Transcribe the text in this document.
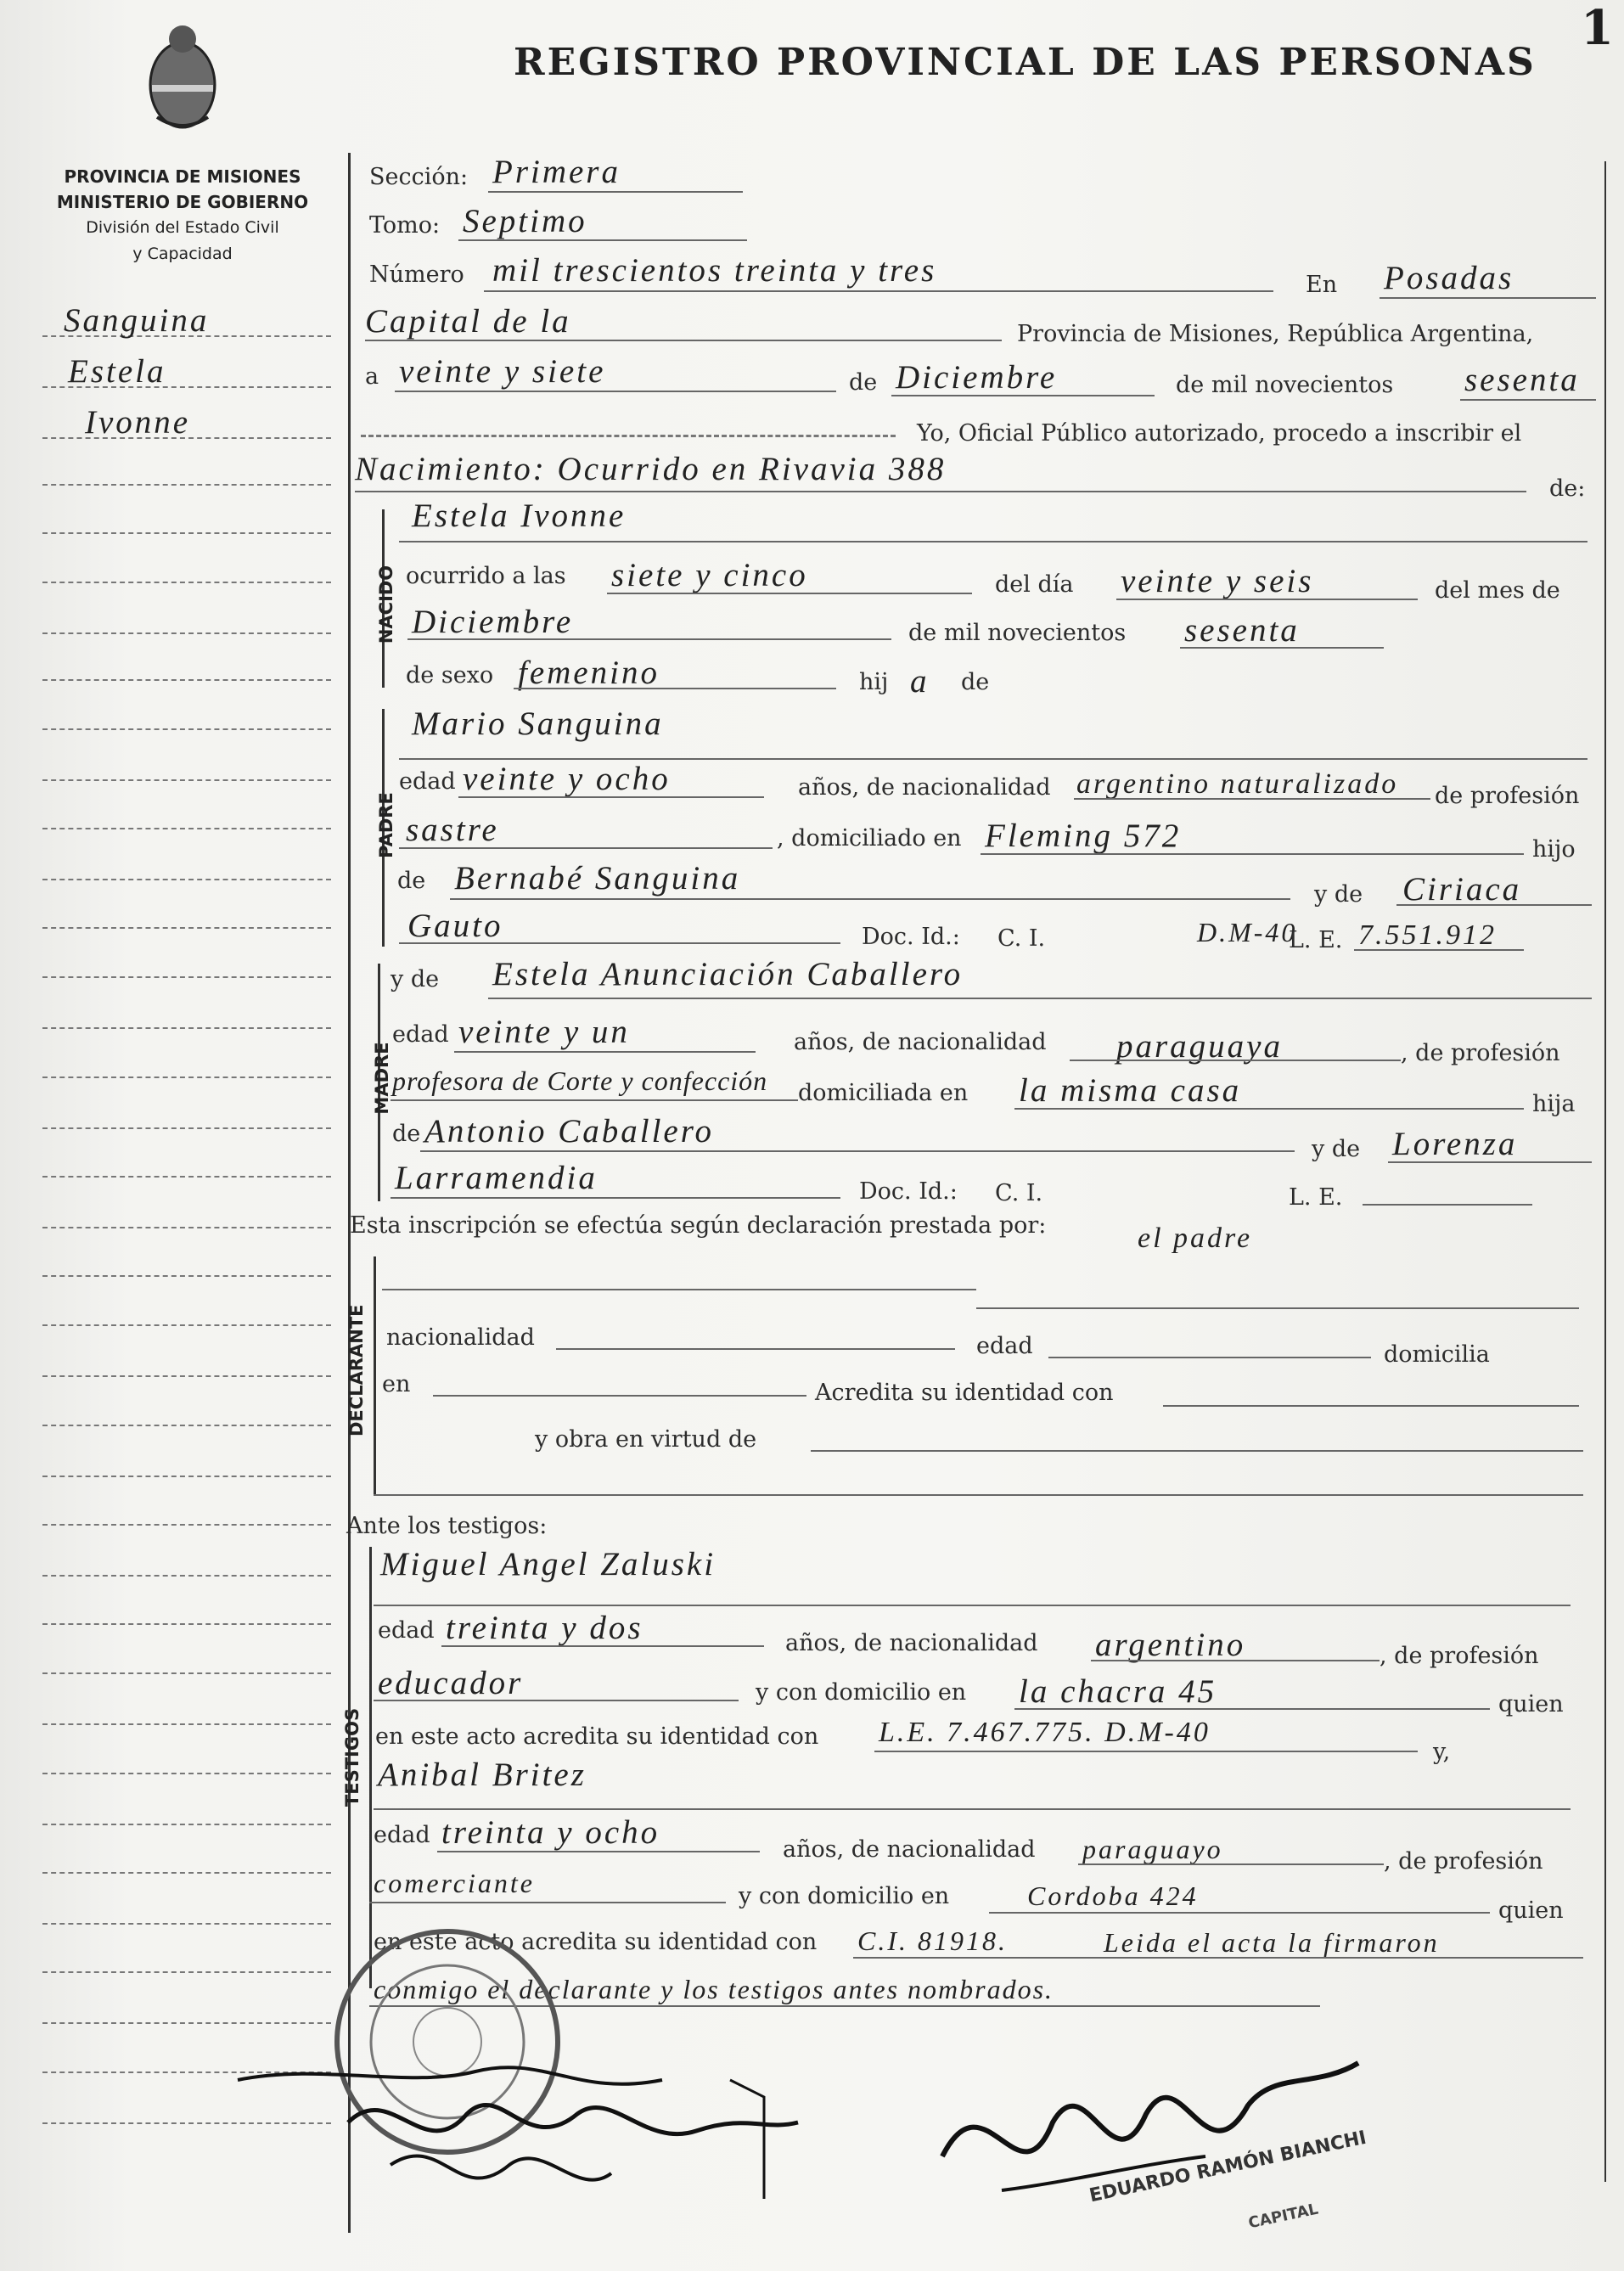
1
REGISTRO PROVINCIAL DE LAS PERSONAS
PROVINCIA DE MISIONES
MINISTERIO DE GOBIERNO
División del Estado Civil
y Capacidad
Sanguina
Estela
Ivonne
Sección: Primera
Tomo: Septimo
Número mil trescientos treinta y tres	En Posadas
Capital de la	Provincia de Misiones, República Argentina,
a veinte y siete	de Diciembre	de mil novecientos sesenta
Yo, Oficial Público autorizado, procedo a inscribir el
Nacimiento: Ocurrido en Rivavia 388
de:
NACIDO
Estela Ivonne
ocurrido a las siete y cinco	del día veinte y seis	del mes de
Diciembre	de mil novecientos sesenta
de sexo femenino	hij a de
PADRE
Mario Sanguina
edad veinte y ocho	años, de nacionalidad argentino naturalizado de profesión
sastre	, domiciliado en Fleming 572	hijo
de Bernabé Sanguina	y de Ciriaca
Gauto	Doc. Id.: C. I.	D.M-40
L. E. 7.551.912
MADRE
y de Estela Anunciación Caballero
edad veinte y un	años, de nacionalidad paraguaya	, de profesión
profesora de Corte y confección domiciliada en la misma casa	hija
de Antonio Caballero	y de Lorenza
Larramendia	Doc. Id.: C. I.	L. E.
Esta inscripción se efectúa según declaración prestada por:	el padre
DECLARANTE nacionalidad	edad	domicilia
en	Acredita su identidad con
y obra en virtud de
Ante los testigos:
TESTIGOS
Miguel Angel Zaluski
edad treinta y dos	años, de nacionalidad argentino	, de profesión
educador	y con domicilio en la chacra 45	quien
en este acto acredita su identidad con L.E. 7.467.775. D.M-40
y,
Anibal Britez
edad treinta y ocho	años, de nacionalidad paraguayo	, de profesión
comerciante	y con domicilio en	Cordoba 424	quien
en este acto acredita su identidad con C.I. 81918.	Leida el acta la firmaron
conmigo el declarante y los testigos antes nombrados.
EDUARDO RAMÓN BIANCHI
CAPITAL
